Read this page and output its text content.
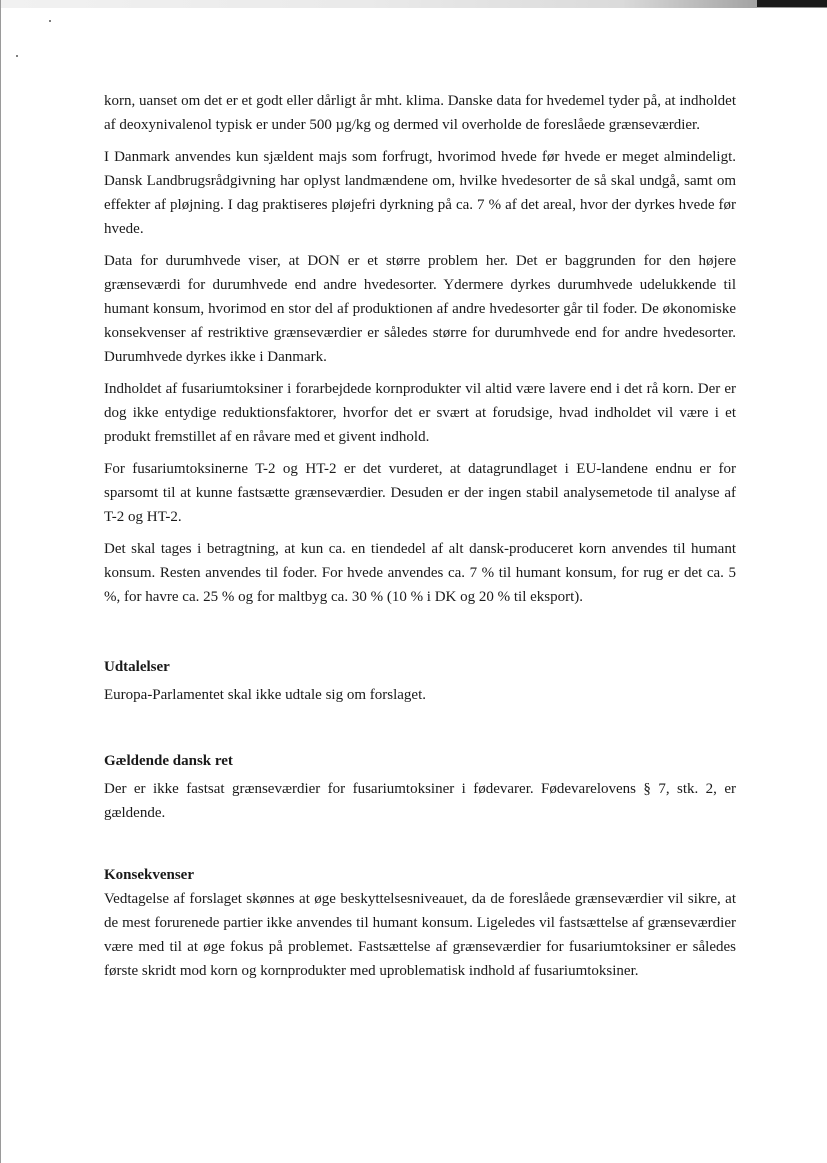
korn, uanset om det er et godt eller dårligt år mht. klima. Danske data for hvedemel tyder på, at indholdet af deoxynivalenol typisk er under 500 µg/kg og dermed vil overholde de foreslåede grænseværdier.

I Danmark anvendes kun sjældent majs som forfrugt, hvorimod hvede før hvede er meget almindeligt. Dansk Landbrugsrådgivning har oplyst landmændene om, hvilke hvedesorter de så skal undgå, samt om effekter af pløjning. I dag praktiseres pløjefri dyrkning på ca. 7 % af det areal, hvor der dyrkes hvede før hvede.

Data for durumhvede viser, at DON er et større problem her. Det er baggrunden for den højere grænseværdi for durumhvede end andre hvedesorter. Ydermere dyrkes durumhvede udelukkende til humant konsum, hvorimod en stor del af produktionen af andre hvedesorter går til foder. De økonomiske konsekvenser af restriktive grænseværdier er således større for durumhvede end for andre hvedesorter. Durumhvede dyrkes ikke i Danmark.

Indholdet af fusariumtoksiner i forarbejdede kornprodukter vil altid være lavere end i det rå korn. Der er dog ikke entydige reduktionsfaktorer, hvorfor det er svært at forudsige, hvad indholdet vil være i et produkt fremstillet af en råvare med et givent indhold.

For fusariumtoksinerne T-2 og HT-2 er det vurderet, at datagrundlaget i EU-landene endnu er for sparsomt til at kunne fastsætte grænseværdier. Desuden er der ingen stabil analysemetode til analyse af T-2 og HT-2.

Det skal tages i betragtning, at kun ca. en tiendedel af alt dansk-produceret korn anvendes til humant konsum. Resten anvendes til foder. For hvede anvendes ca. 7 % til humant konsum, for rug er det ca. 5 %, for havre ca. 25 % og for maltbyg ca. 30 % (10 % i DK og 20 % til eksport).

Udtalelser

Europa-Parlamentet skal ikke udtale sig om forslaget.

Gældende dansk ret

Der er ikke fastsat grænseværdier for fusariumtoksiner i fødevarer. Fødevarelovens § 7, stk. 2, er gældende.

Konsekvenser

Vedtagelse af forslaget skønnes at øge beskyttelsesniveauet, da de foreslåede grænseværdier vil sikre, at de mest forurenede partier ikke anvendes til humant konsum. Ligeledes vil fastsættelse af grænseværdier være med til at øge fokus på problemet. Fastsættelse af grænseværdier for fusariumtoksiner er således første skridt mod korn og kornprodukter med uproblematisk indhold af fusariumtoksiner.
